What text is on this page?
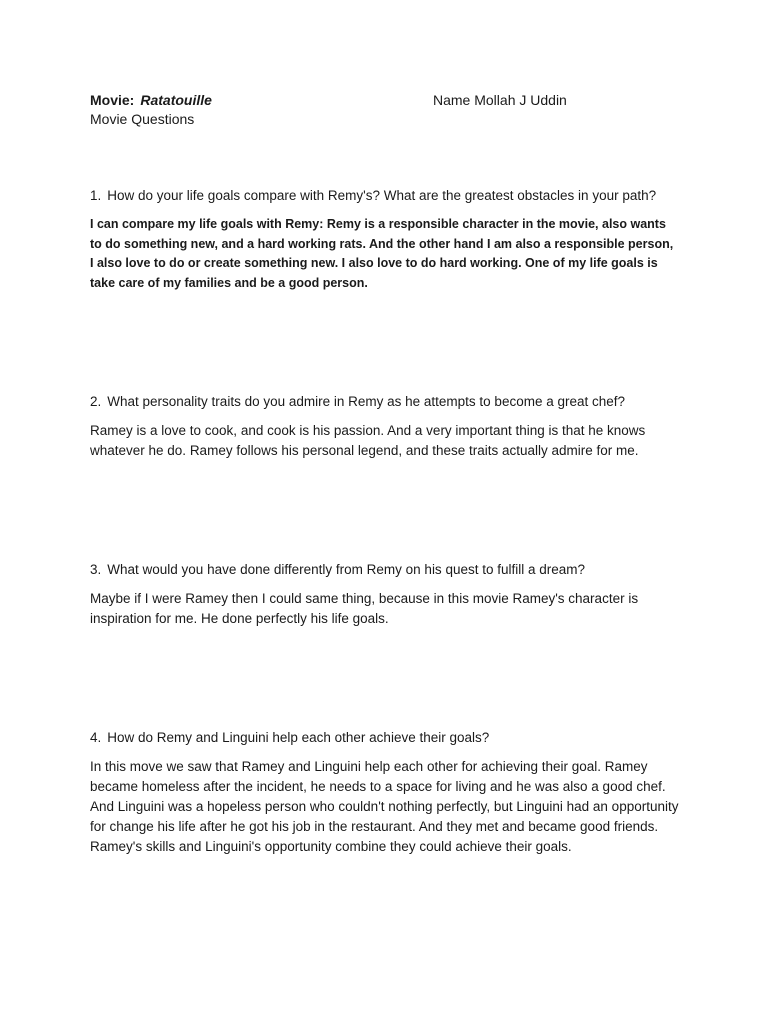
Movie: Ratatouille
Movie Questions
Name Mollah J Uddin

1. How do your life goals compare with Remy's? What are the greatest obstacles in your path?

I can compare my life goals with Remy: Remy is a responsible character in the movie, also wants to do something new, and a hard working rats. And the other hand I am also a responsible person, I also love to do or create something new. I also love to do hard working. One of my life goals is take care of my families and be a good person.

2. What personality traits do you admire in Remy as he attempts to become a great chef?

Ramey is a love to cook, and cook is his passion. And a very important thing is that he knows whatever he do. Ramey follows his personal legend, and these traits actually admire for me.

3. What would you have done differently from Remy on his quest to fulfill a dream?

Maybe if I were Ramey then I could same thing, because in this movie Ramey's character is inspiration for me. He done perfectly his life goals.

4. How do Remy and Linguini help each other achieve their goals?

In this move we saw that Ramey and Linguini help each other for achieving their goal. Ramey became homeless after the incident, he needs to a space for living and he was also a good chef. And Linguini was a hopeless person who couldn't nothing perfectly, but Linguini had an opportunity for change his life after he got his job in the restaurant. And they met and became good friends. Ramey's skills and Linguini's opportunity combine they could achieve their goals.
